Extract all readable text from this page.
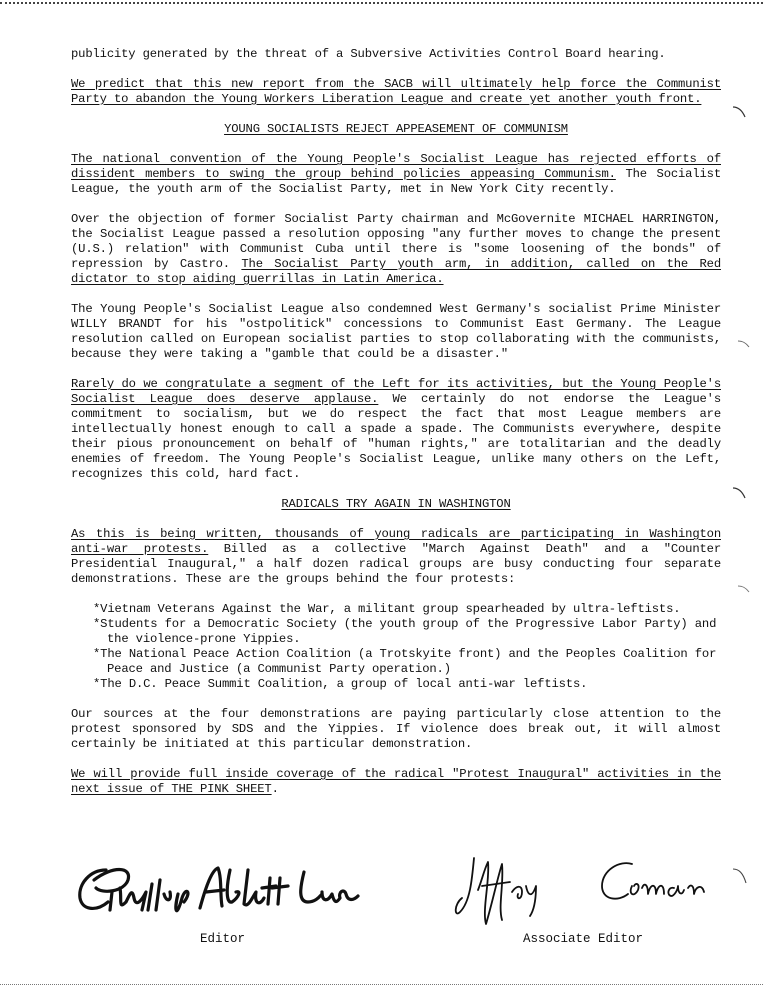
publicity generated by the threat of a Subversive Activities Control Board hearing.

We predict that this new report from the SACB will ultimately help force the Communist Party to abandon the Young Workers Liberation League and create yet another youth front.

YOUNG SOCIALISTS REJECT APPEASEMENT OF COMMUNISM

The national convention of the Young People's Socialist League has rejected efforts of dissident members to swing the group behind policies appeasing Communism. The Socialist League, the youth arm of the Socialist Party, met in New York City recently.

Over the objection of former Socialist Party chairman and McGovernite MICHAEL HARRINGTON, the Socialist League passed a resolution opposing "any further moves to change the present (U.S.) relation" with Communist Cuba until there is "some loosening of the bonds" of repression by Castro. The Socialist Party youth arm, in addition, called on the Red dictator to stop aiding guerrillas in Latin America.

The Young People's Socialist League also condemned West Germany's socialist Prime Minister WILLY BRANDT for his "ostpolitick" concessions to Communist East Germany. The League resolution called on European socialist parties to stop collaborating with the communists, because they were taking a "gamble that could be a disaster."

Rarely do we congratulate a segment of the Left for its activities, but the Young People's Socialist League does deserve applause. We certainly do not endorse the League's commitment to socialism, but we do respect the fact that most League members are intellectually honest enough to call a spade a spade. The Communists everywhere, despite their pious pronouncement on behalf of "human rights," are totalitarian and the deadly enemies of freedom. The Young People's Socialist League, unlike many others on the Left, recognizes this cold, hard fact.

RADICALS TRY AGAIN IN WASHINGTON

As this is being written, thousands of young radicals are participating in Washington anti-war protests. Billed as a collective "March Against Death" and a "Counter Presidential Inaugural," a half dozen radical groups are busy conducting four separate demonstrations. These are the groups behind the four protests:

*Vietnam Veterans Against the War, a militant group spearheaded by ultra-leftists.
*Students for a Democratic Society (the youth group of the Progressive Labor Party) and the violence-prone Yippies.
*The National Peace Action Coalition (a Trotskyite front) and the Peoples Coalition for Peace and Justice (a Communist Party operation.)
*The D.C. Peace Summit Coalition, a group of local anti-war leftists.

Our sources at the four demonstrations are paying particularly close attention to the protest sponsored by SDS and the Yippies. If violence does break out, it will almost certainly be initiated at this particular demonstration.

We will provide full inside coverage of the radical "Protest Inaugural" activities in the next issue of THE PINK SHEET.

Editor	Associate Editor
